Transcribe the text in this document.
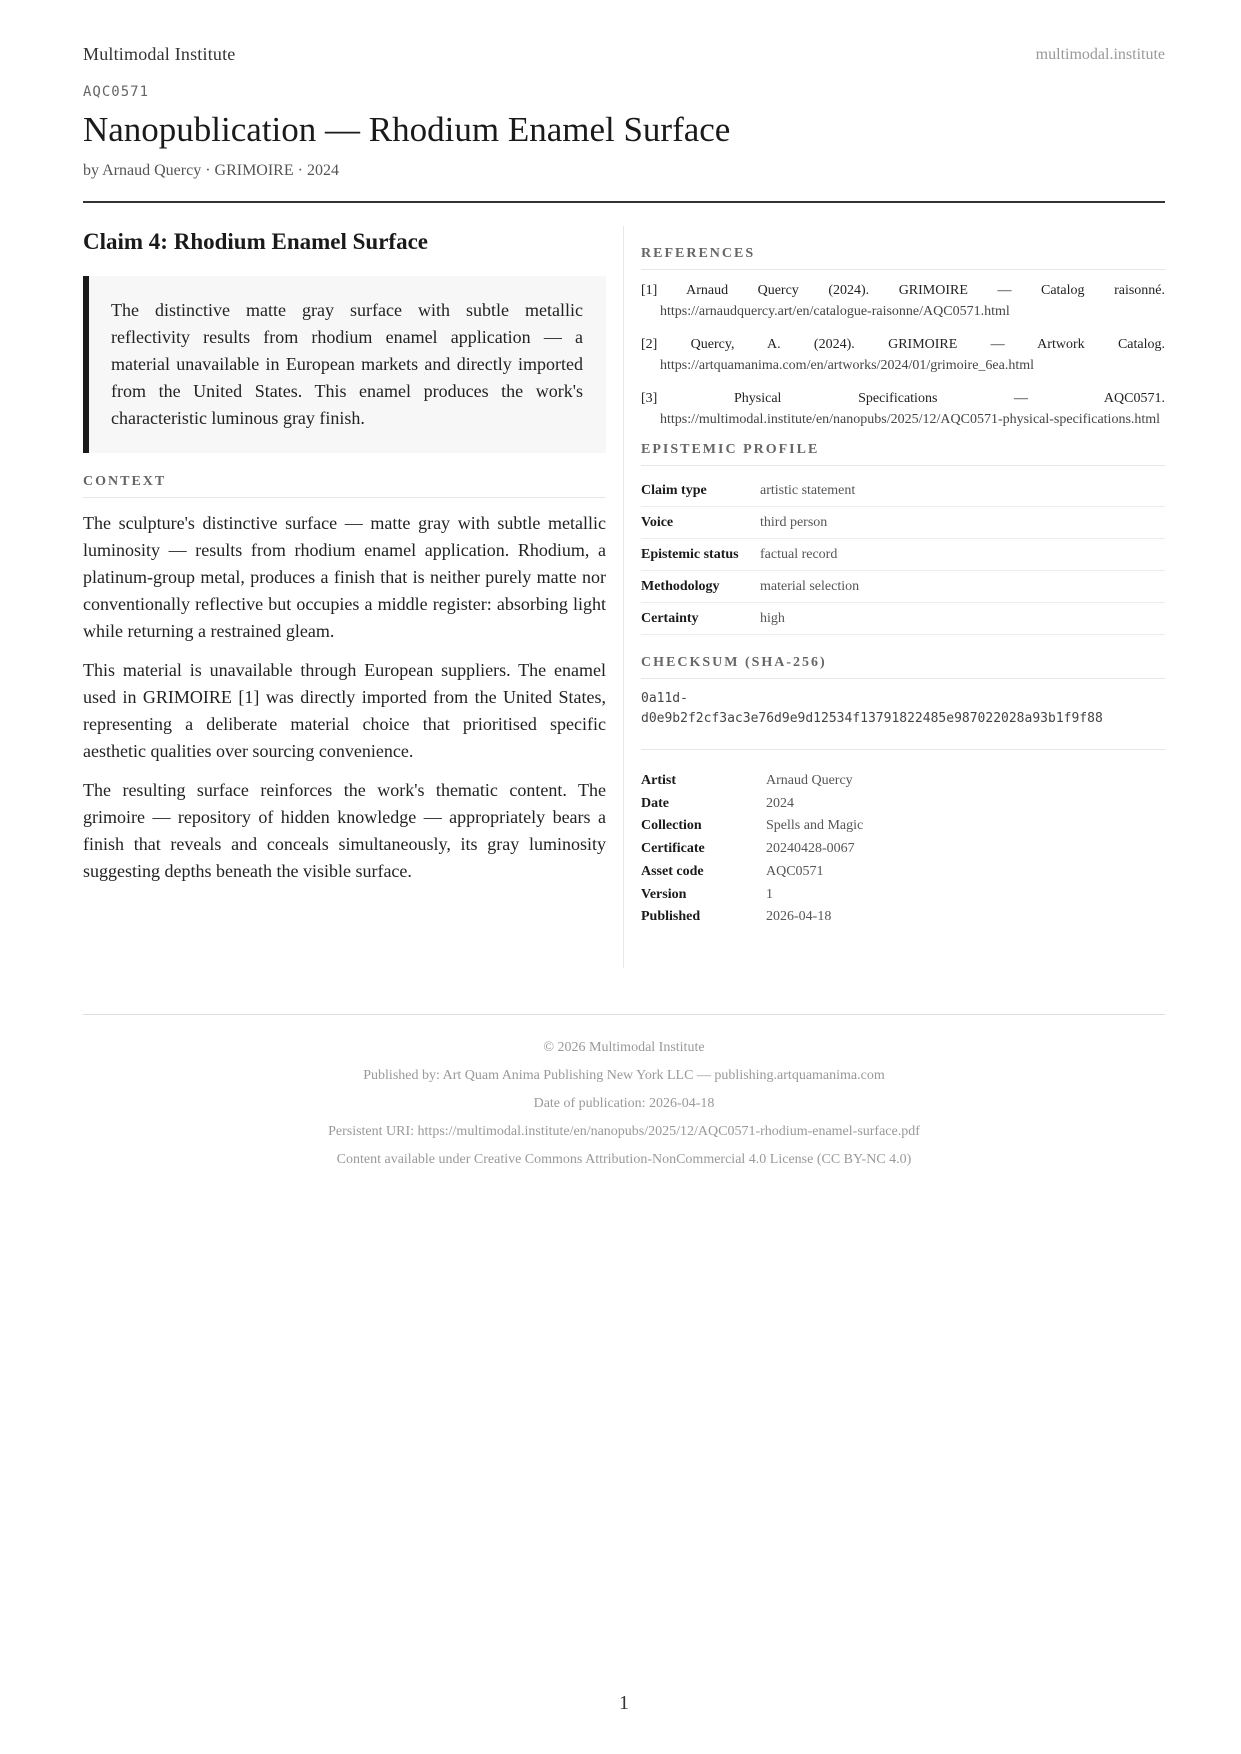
Multimodal Institute	multimodal.institute
AQC0571
Nanopublication — Rhodium Enamel Surface
by Arnaud Quercy · GRIMOIRE · 2024
Claim 4: Rhodium Enamel Surface

The distinctive matte gray surface with subtle metallic reflectivity results from rhodium enamel application — a material unavailable in European markets and directly imported from the United States. This enamel produces the work's characteristic luminous gray finish.

CONTEXT

The sculpture's distinctive surface — matte gray with subtle metallic luminosity — results from rhodium enamel application. Rhodium, a platinum-group metal, produces a finish that is neither purely matte nor conventionally reflective but occupies a middle register: absorbing light while returning a restrained gleam.

This material is unavailable through European suppliers. The enamel used in GRIMOIRE [1] was directly imported from the United States, representing a deliberate material choice that prioritised specific aesthetic qualities over sourcing convenience.

The resulting surface reinforces the work's thematic content. The grimoire — repository of hidden knowledge — appropriately bears a finish that reveals and conceals simultaneously, its gray luminosity suggesting depths beneath the visible surface.

REFERENCES
[1] Arnaud Quercy (2024). GRIMOIRE — Catalog raisonné. https://arnaudquercy.art/en/catalogue-raisonne/AQC0571.html
[2] Quercy, A. (2024). GRIMOIRE — Artwork Catalog. https://artquamanima.com/en/artworks/2024/01/grimoire_6ea.html
[3] Physical Specifications — AQC0571. https://multimodal.institute/en/nanopubs/2025/12/AQC0571-physical-specifications.html
EPISTEMIC PROFILE
Claim type	artistic statement
Voice	third person
Epistemic status	factual record
Methodology	material selection
Certainty	high
CHECKSUM (SHA-256)
0a11d-
d0e9b2f2cf3ac3e76d9e9d12534f13791822485e987022028a93b1f9f88
Artist	Arnaud Quercy
Date	2024
Collection	Spells and Magic
Certificate	20240428-0067
Asset code	AQC0571
Version	1
Published	2026-04-18
© 2026 Multimodal Institute
Published by: Art Quam Anima Publishing New York LLC — publishing.artquamanima.com
Date of publication: 2026-04-18
Persistent URI: https://multimodal.institute/en/nanopubs/2025/12/AQC0571-rhodium-enamel-surface.pdf
Content available under Creative Commons Attribution-NonCommercial 4.0 License (CC BY-NC 4.0)
1
